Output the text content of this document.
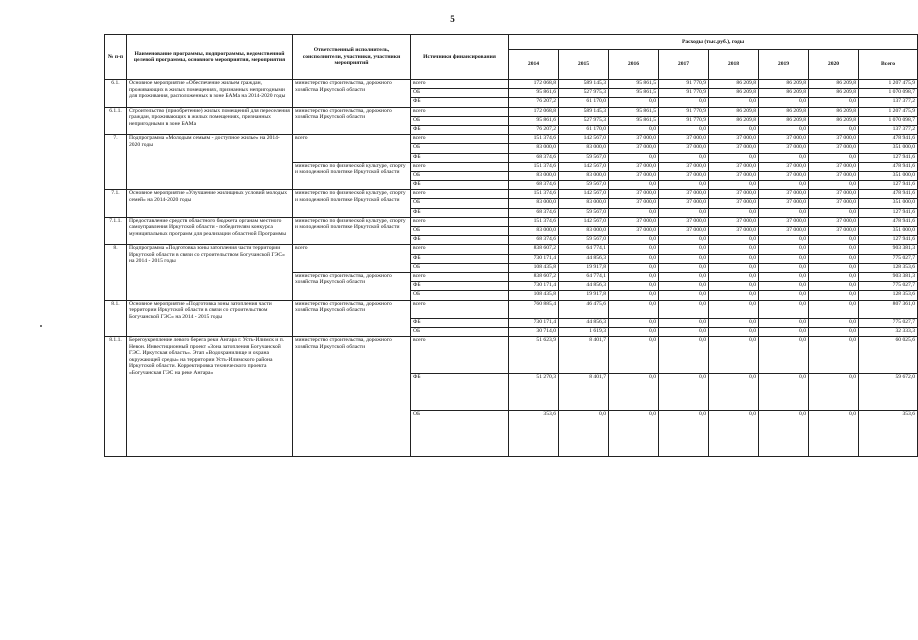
5
№ п-п	Наименование программы, подпрограммы, ведомственной целевой программы, основного мероприятия, мероприятия	Ответственный исполнитель, соисполнители, участники, участники мероприятий	Источники финансирования	Расходы (тыс.руб.), годы							
				2014	2015	2016	2017	2018	2019	2020	Всего
6.1.	Основное мероприятие «Обеспечение жильем граждан, проживающих в жилых помещениях, признанных непригодными для проживания, расположенных в зоне БАМа на 2014-2020 годы	министерство строительства, дорожного хозяйства Иркутской области	всего	172 068,8	589 145,3	95 861,5	91 770,9	86 209,8	86 209,8	86 209,8	1 207 475,9
			ОБ	95 861,6	527 975,3	95 861,5	91 770,9	86 209,8	86 209,8	86 209,8	1 070 098,7
			ФБ	76 207,2	61 170,0	0,0	0,0	0,0	0,0	0,0	137 377,2
6.1.1.	Строительство (приобретение) жилых помещений для переселения граждан, проживающих в жилых помещениях, признанных непригодными в зоне БАМа	министерство строительства, дорожного хозяйства Иркутской области	всего	172 068,8	589 145,3	95 861,5	91 770,9	86 209,8	86 209,8	86 209,8	1 207 475,9
			ОБ	95 861,6	527 975,3	95 861,5	91 770,9	86 209,8	86 209,8	86 209,8	1 070 098,7
			ФБ	76 207,2	61 170,0	0,0	0,0	0,0	0,0	0,0	137 377,2
7.	Подпрограмма «Молодым семьям - доступное жилье» на 2014-2020 годы	всего	всего	151 374,6	142 567,0	37 000,0	37 000,0	37 000,0	37 000,0	37 000,0	478 941,6
			ОБ	83 000,0	83 000,0	37 000,0	37 000,0	37 000,0	37 000,0	37 000,0	351 000,0
			ФБ	68 374,6	59 567,0	0,0	0,0	0,0	0,0	0,0	127 941,6
		министерство по физической культуре, спорту и молодежной политике Иркутской области	всего	151 374,6	142 567,0	37 000,0	37 000,0	37 000,0	37 000,0	37 000,0	478 941,6
			ОБ	83 000,0	83 000,0	37 000,0	37 000,0	37 000,0	37 000,0	37 000,0	351 000,0
			ФБ	68 374,6	59 567,0	0,0	0,0	0,0	0,0	0,0	127 941,6
7.1.	Основное мероприятие «Улучшение жилищных условий молодых семей» на 2014-2020 годы	министерство по физической культуре, спорту и молодежной политике Иркутской области	всего	151 374,6	142 567,0	37 000,0	37 000,0	37 000,0	37 000,0	37 000,0	478 941,6
			ОБ	83 000,0	83 000,0	37 000,0	37 000,0	37 000,0	37 000,0	37 000,0	351 000,0
			ФБ	68 374,6	59 567,0	0,0	0,0	0,0	0,0	0,0	127 941,6
7.1.1.	Предоставление средств областного бюджета органам местного самоуправления Иркутской области - победителям конкурса муниципальных программ для реализации областной Программы	министерство по физической культуре, спорту и молодежной политике Иркутской области	всего	151 374,6	142 567,0	37 000,0	37 000,0	37 000,0	37 000,0	37 000,0	478 941,6
			ОБ	83 000,0	83 000,0	37 000,0	37 000,0	37 000,0	37 000,0	37 000,0	351 000,0
			ФБ	68 374,6	59 567,0	0,0	0,0	0,0	0,0	0,0	127 941,6
8.	Подпрограмма «Подготовка зоны затопления части территории Иркутской области в связи со строительством Богучанской ГЭС» на 2014 - 2015 годы	всего	всего	838 607,2	64 774,1	0,0	0,0	0,0	0,0	0,0	903 381,3
			ФБ	730 171,4	44 856,3	0,0	0,0	0,0	0,0	0,0	775 027,7
			ОБ	108 435,8	19 917,8	0,0	0,0	0,0	0,0	0,0	128 353,6
		министерство строительства, дорожного хозяйства Иркутской области	всего	838 607,2	64 774,1	0,0	0,0	0,0	0,0	0,0	903 381,3
			ФБ	730 171,4	44 856,3	0,0	0,0	0,0	0,0	0,0	775 027,7
			ОБ	108 435,8	19 917,8	0,0	0,0	0,0	0,0	0,0	128 353,6
8.1.	Основное мероприятие «Подготовка зоны затопления части территории Иркутской области в связи со строительством Богучанской ГЭС» на 2014 - 2015 годы	министерство строительства, дорожного хозяйства Иркутской области	всего	760 885,4	46 475,6	0,0	0,0	0,0	0,0	0,0	807 361,0
			ФБ	730 171,4	44 856,3	0,0	0,0	0,0	0,0	0,0	775 027,7
			ОБ	30 714,0	1 619,3	0,0	0,0	0,0	0,0	0,0	32 333,3
8.1.1.	Берегоукрепление левого берега реки Ангара г. Усть-Илимск и п. Невон. Инвестиционный проект «Зона затопления Богучанской ГЭС. Иркутская область». Этап «Водохранилище и охрана окружающей среды» на территории Усть-Илимского района Иркутской области. Корректировка технического проекта «Богучанская ГЭС на реке Ангара»	министерство строительства, дорожного хозяйства Иркутской области	всего	51 623,9	8 401,7	0,0	0,0	0,0	0,0	0,0	60 025,6
			ФБ	51 270,3	8 401,7	0,0	0,0	0,0	0,0	0,0	59 672,0
			ОБ	353,6	0,0	0,0	0,0	0,0	0,0	0,0	353,6
